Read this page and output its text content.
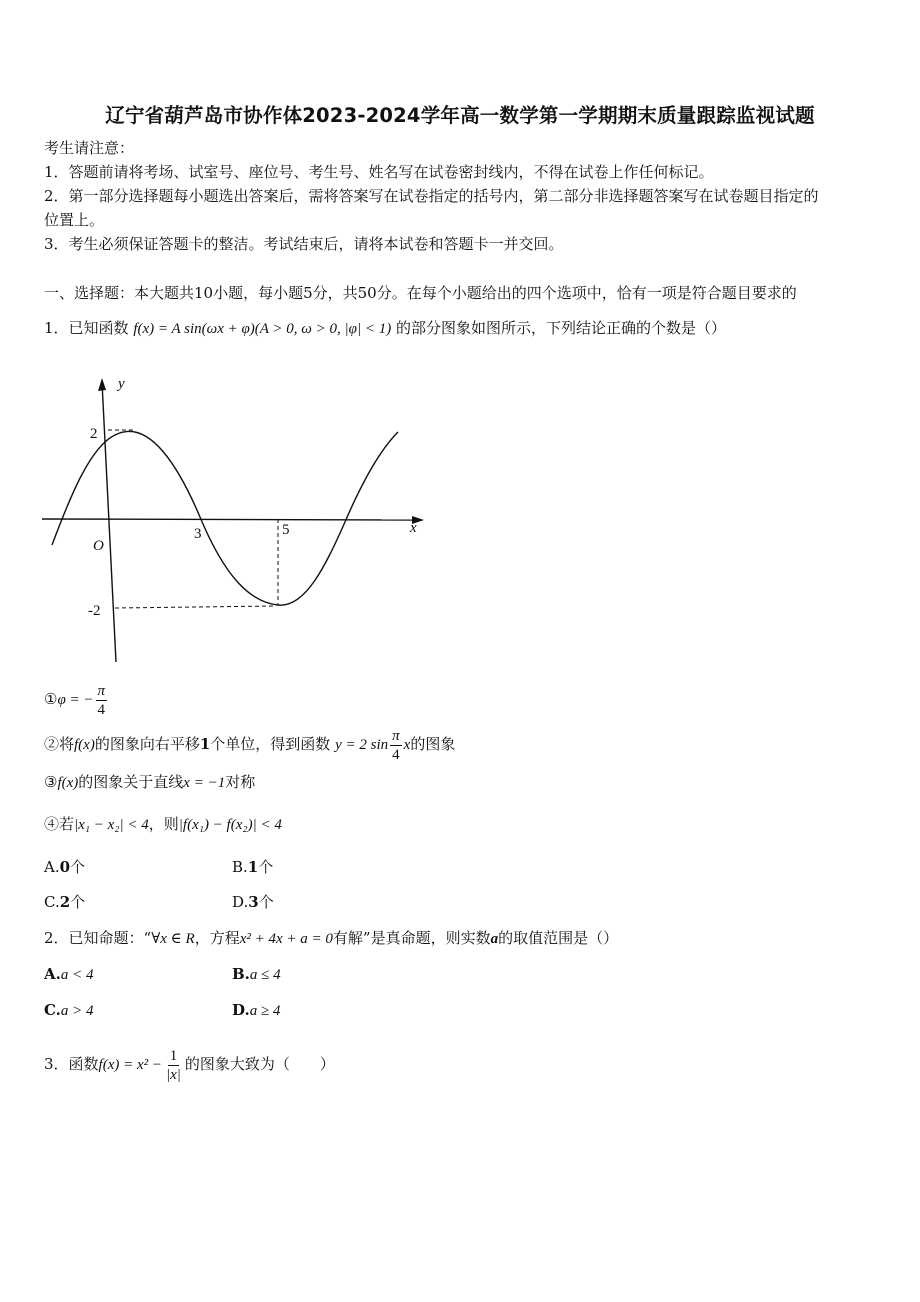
辽宁省葫芦岛市协作体2023-2024学年高一数学第一学期期末质量跟踪监视试题
考生请注意：
1．答题前请将考场、试室号、座位号、考生号、姓名写在试卷密封线内，不得在试卷上作任何标记。
2．第一部分选择题每小题选出答案后，需将答案写在试卷指定的括号内，第二部分非选择题答案写在试卷题目指定的
位置上。
3．考生必须保证答题卡的整洁。考试结束后，请将本试卷和答题卡一并交回。
一、选择题：本大题共10小题，每小题5分，共50分。在每个小题给出的四个选项中，恰有一项是符合题目要求的
1．已知函数 f(x) = A sin(ωx + φ)(A > 0, ω > 0, |φ| < 1) 的部分图象如图所示，下列结论正确的个数是（）
y
x
O
2
-2
3	5
①φ = − $\frac{\pi}{4}$
②将f(x)的图象向右平移1个单位，得到函数 y = 2 $\sin \frac{\pi}{4}$ x的图象
③f(x)的图象关于直线x = −1对称
④若|x₁ − x₂| < 4，则|f(x₁) − f(x₂)| < 4
A.0个	B.1个
C.2个	D.3个
2．已知命题：“∀x ∈ R，方程x² + 4x + a = 0有解”是真命题，则实数a的取值范围是（）
A.a < 4	B.a ≤ 4
C.a > 4	D.a ≥ 4
3．函数$f(x) = x^2 - \frac{1}{|x|}$ 的图象大致为（　　）
